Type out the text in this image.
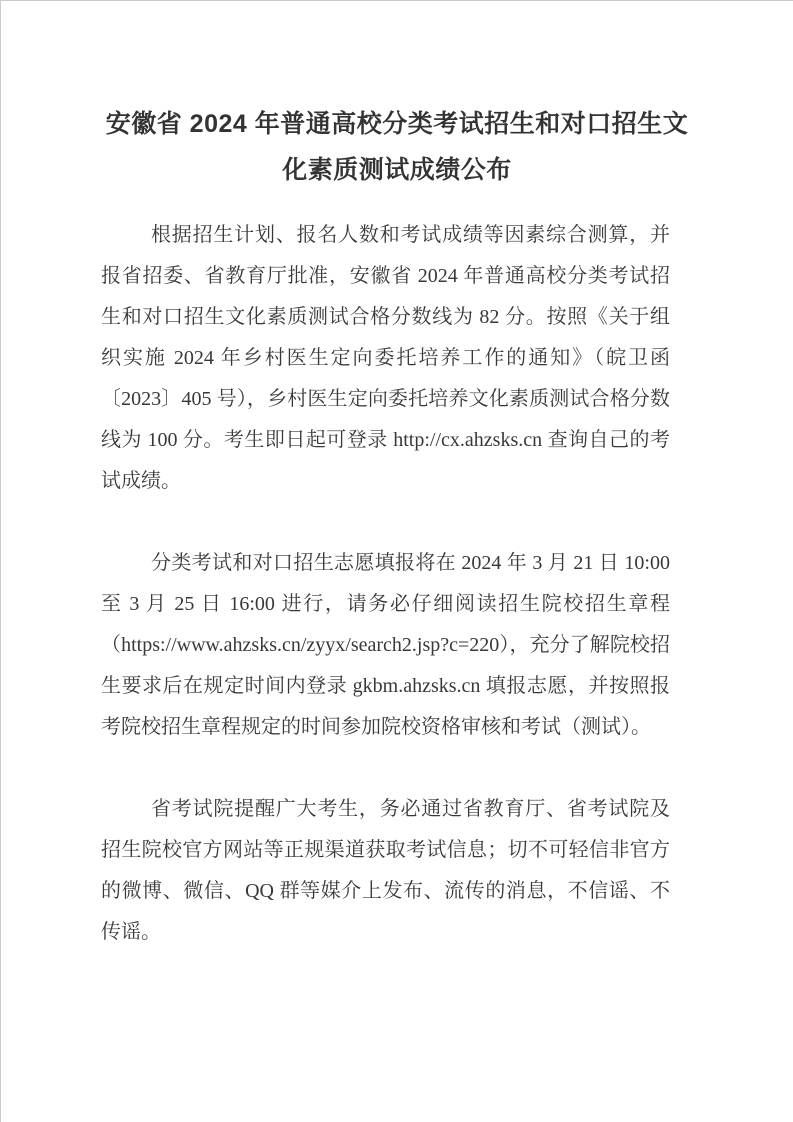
安徽省 2024 年普通高校分类考试招生和对口招生文化素质测试成绩公布

根据招生计划、报名人数和考试成绩等因素综合测算，并报省招委、省教育厅批准，安徽省 2024 年普通高校分类考试招生和对口招生文化素质测试合格分数线为 82 分。按照《关于组织实施 2024 年乡村医生定向委托培养工作的通知》（皖卫函〔2023〕405 号），乡村医生定向委托培养文化素质测试合格分数线为 100 分。考生即日起可登录 http://cx.ahzsks.cn 查询自己的考试成绩。

分类考试和对口招生志愿填报将在 2024 年 3 月 21 日 10:00 至 3 月 25 日 16:00 进行，请务必仔细阅读招生院校招生章程（https://www.ahzsks.cn/zyyx/search2.jsp?c=220），充分了解院校招生要求后在规定时间内登录 gkbm.ahzsks.cn 填报志愿，并按照报考院校招生章程规定的时间参加院校资格审核和考试（测试）。

省考试院提醒广大考生，务必通过省教育厅、省考试院及招生院校官方网站等正规渠道获取考试信息；切不可轻信非官方的微博、微信、QQ 群等媒介上发布、流传的消息，不信谣、不传谣。
